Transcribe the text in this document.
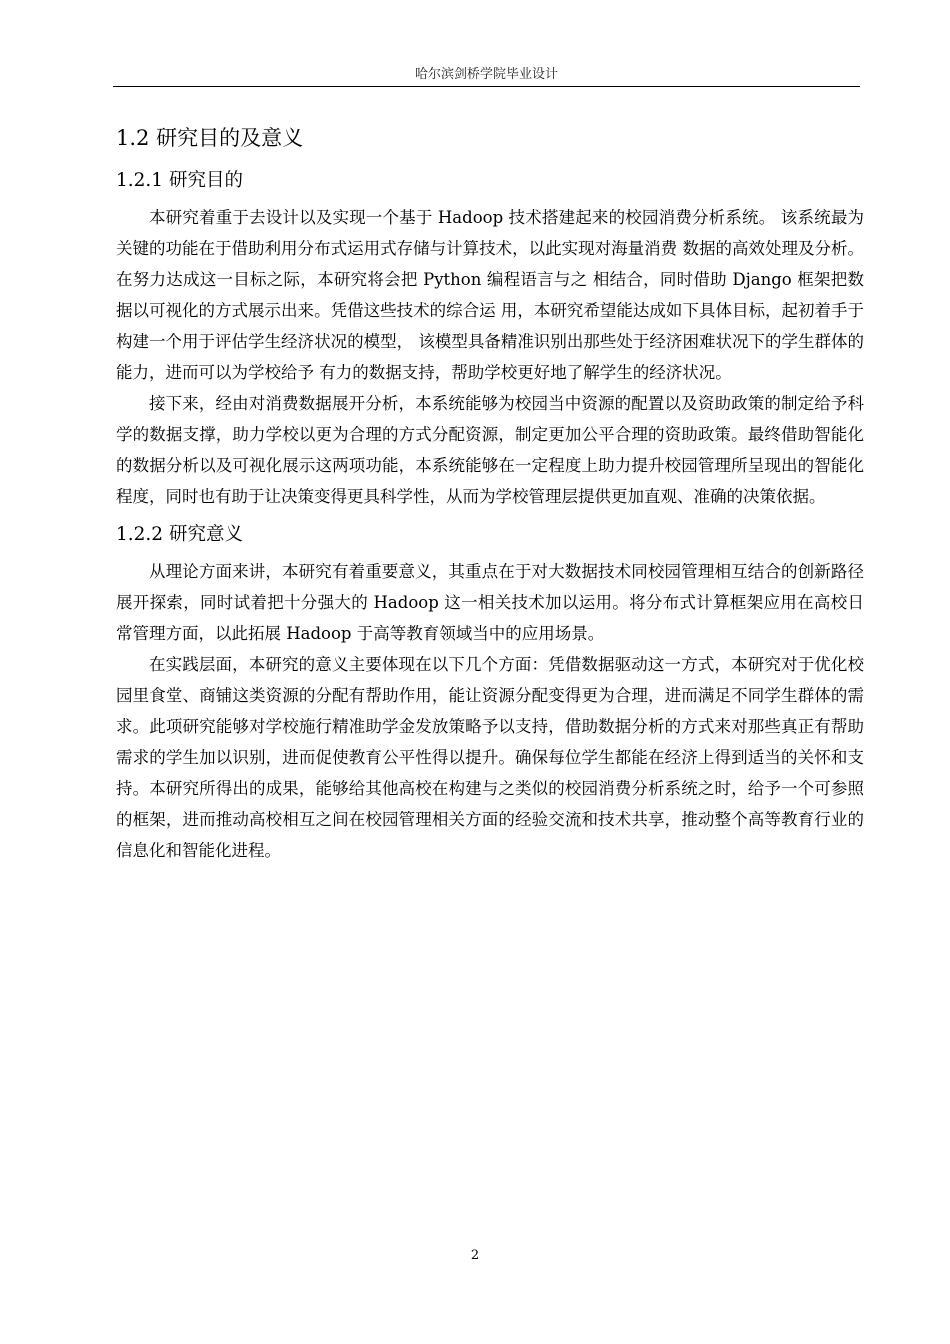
哈尔滨剑桥学院毕业设计
1.2 研究目的及意义
1.2.1 研究目的

本研究着重于去设计以及实现一个基于 Hadoop 技术搭建起来的校园消费分析系统。 该系统最为关键的功能在于借助利用分布式运用式存储与计算技术，以此实现对海量消费 数据的高效处理及分析。在努力达成这一目标之际，本研究将会把 Python 编程语言与之 相结合，同时借助 Django 框架把数据以可视化的方式展示出来。凭借这些技术的综合运 用，本研究希望能达成如下具体目标，起初着手于构建一个用于评估学生经济状况的模型， 该模型具备精准识别出那些处于经济困难状况下的学生群体的能力，进而可以为学校给予 有力的数据支持，帮助学校更好地了解学生的经济状况。

接下来，经由对消费数据展开分析，本系统能够为校园当中资源的配置以及资助政策的制定给予科学的数据支撑，助力学校以更为合理的方式分配资源，制定更加公平合理的资助政策。最终借助智能化的数据分析以及可视化展示这两项功能，本系统能够在一定程度上助力提升校园管理所呈现出的智能化程度，同时也有助于让决策变得更具科学性，从而为学校管理层提供更加直观、准确的决策依据。

1.2.2 研究意义

从理论方面来讲，本研究有着重要意义，其重点在于对大数据技术同校园管理相互结合的创新路径展开探索，同时试着把十分强大的 Hadoop 这一相关技术加以运用。将分布式计算框架应用在高校日常管理方面，以此拓展 Hadoop 于高等教育领域当中的应用场景。

在实践层面，本研究的意义主要体现在以下几个方面：凭借数据驱动这一方式，本研究对于优化校园里食堂、商铺这类资源的分配有帮助作用，能让资源分配变得更为合理，进而满足不同学生群体的需求。此项研究能够对学校施行精准助学金发放策略予以支持，借助数据分析的方式来对那些真正有帮助需求的学生加以识别，进而促使教育公平性得以提升。确保每位学生都能在经济上得到适当的关怀和支持。本研究所得出的成果，能够给其他高校在构建与之类似的校园消费分析系统之时，给予一个可参照的框架，进而推动高校相互之间在校园管理相关方面的经验交流和技术共享，推动整个高等教育行业的信息化和智能化进程。

2
